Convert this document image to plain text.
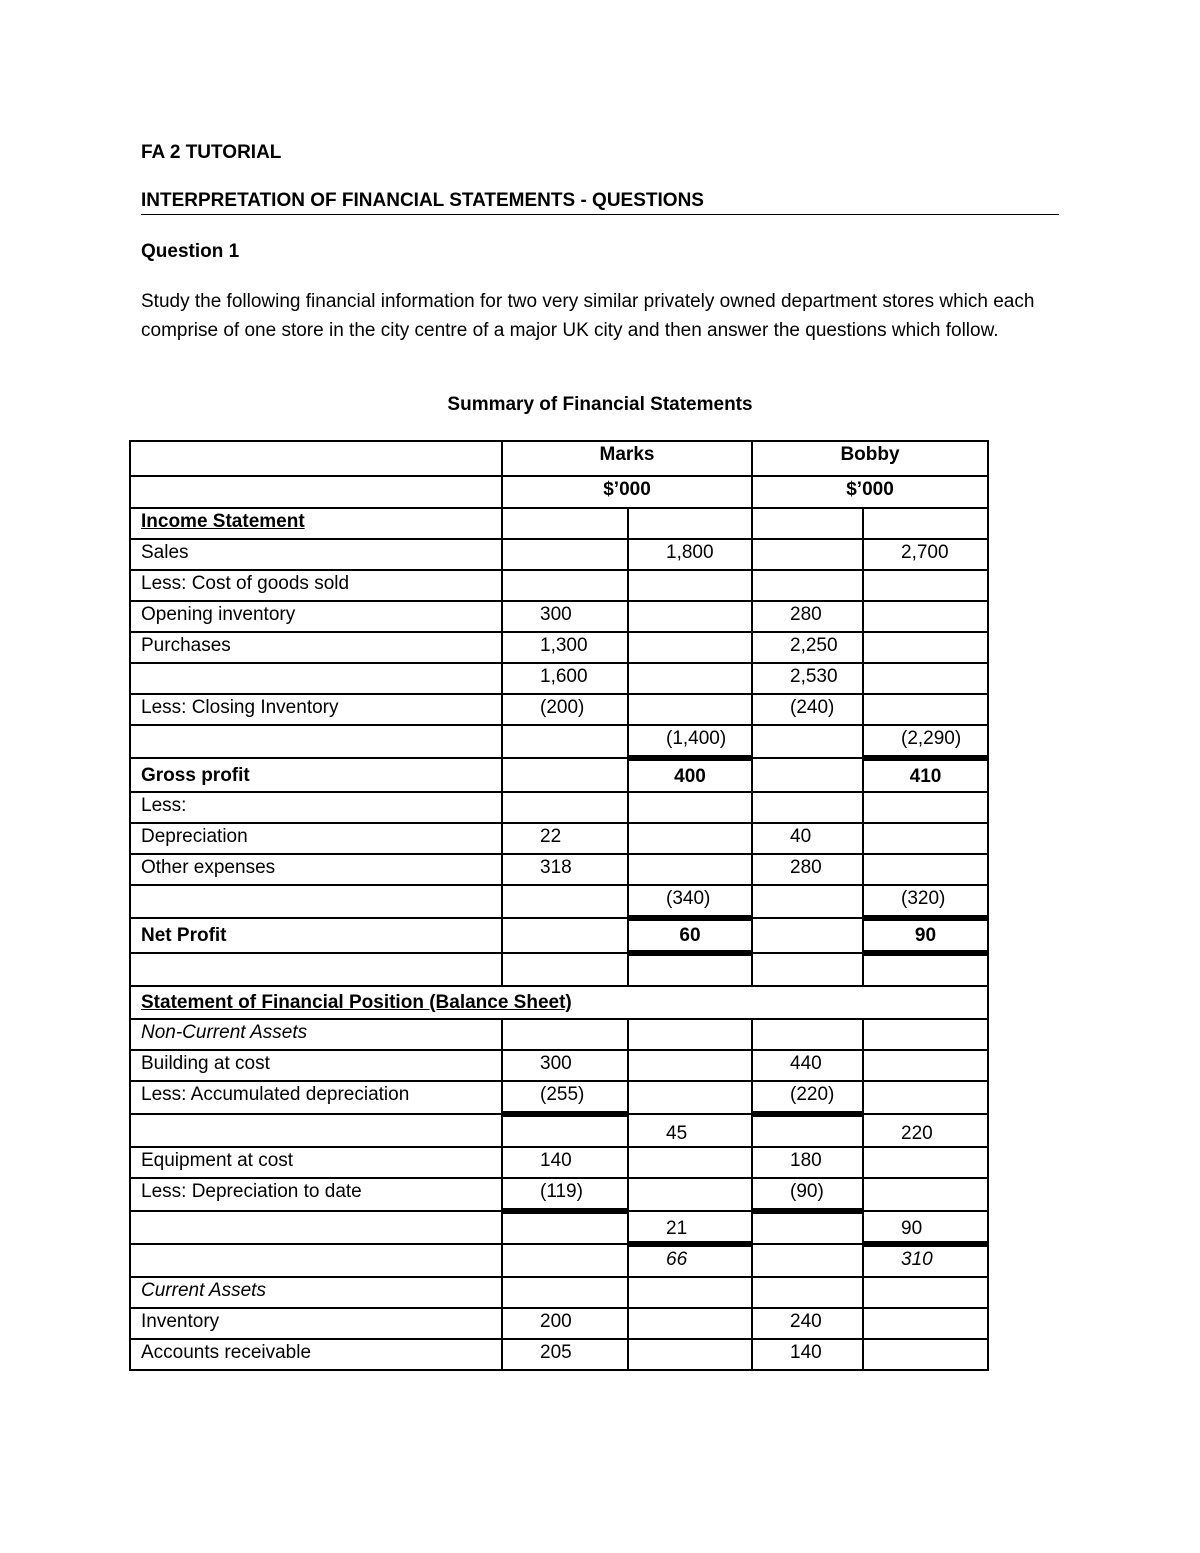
FA 2 TUTORIAL

INTERPRETATION OF FINANCIAL STATEMENTS - QUESTIONS

Question 1

Study the following financial information for two very similar privately owned department stores which each comprise of one store in the city centre of a major UK city and then answer the questions which follow.

Summary of Financial Statements

	Marks		Bobby	
	$’000		$’000	
Income Statement				
Sales		1,800		2,700
Less: Cost of goods sold				
Opening inventory	300		280	
Purchases	1,300		2,250	
	1,600		2,530	
Less: Closing Inventory	(200)		(240)	
		(1,400)		(2,290)
Gross profit		400		410
Less:				
Depreciation	22		40	
Other expenses	318		280	
		(340)		(320)
Net Profit		60		90

Statement of Financial Position (Balance Sheet)				
Non-Current Assets				
Building at cost	300		440	
Less: Accumulated depreciation	(255)		(220)	
		45		220
Equipment at cost	140		180	
Less: Depreciation to date	(119)		(90)	
		21		90
		66		310
Current Assets				
Inventory	200		240	
Accounts receivable	205		140	
